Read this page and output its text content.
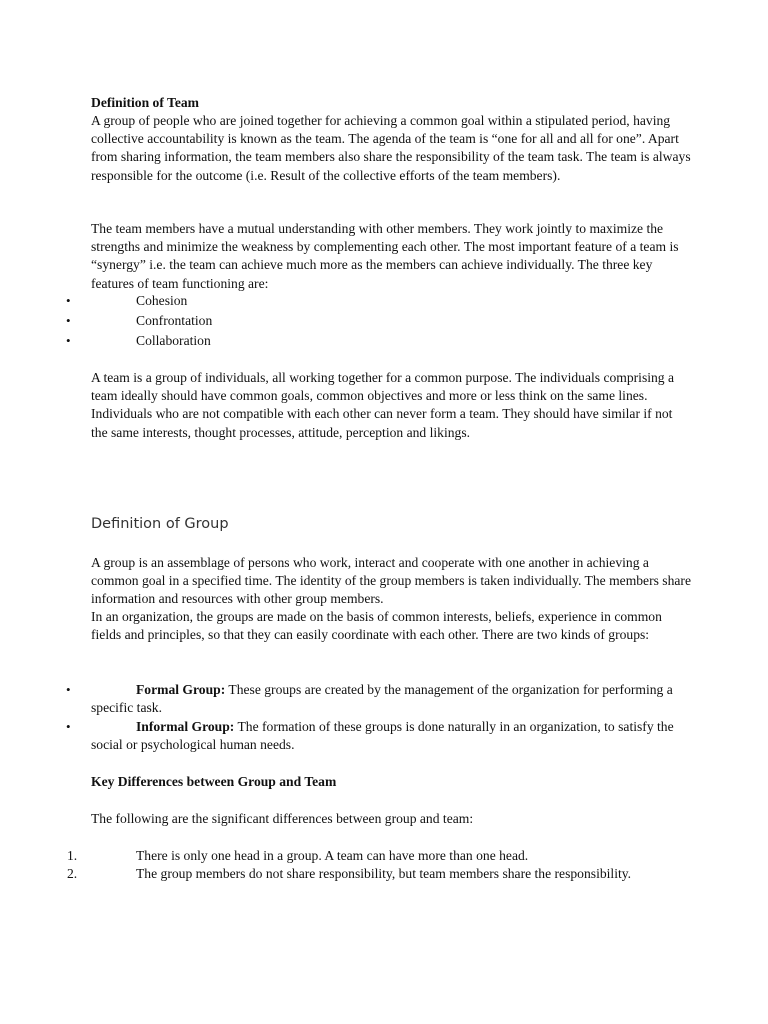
Definition of Team

A group of people who are joined together for achieving a common goal within a stipulated period, having collective accountability is known as the team. The agenda of the team is “one for all and all for one”. Apart from sharing information, the team members also share the responsibility of the team task. The team is always responsible for the outcome (i.e. Result of the collective efforts of the team members).

The team members have a mutual understanding with other members. They work jointly to maximize the strengths and minimize the weakness by complementing each other. The most important feature of a team is “synergy” i.e. the team can achieve much more as the members can achieve individually. The three key features of team functioning are:

•	Cohesion
•	Confrontation
•	Collaboration

A team is a group of individuals, all working together for a common purpose. The individuals comprising a team ideally should have common goals, common objectives and more or less think on the same lines. Individuals who are not compatible with each other can never form a team. They should have similar if not the same interests, thought processes, attitude, perception and likings.

Definition of Group

A group is an assemblage of persons who work, interact and cooperate with one another in achieving a common goal in a specified time. The identity of the group members is taken individually. The members share information and resources with other group members.

In an organization, the groups are made on the basis of common interests, beliefs, experience in common fields and principles, so that they can easily coordinate with each other. There are two kinds of groups:

•	Formal Group: These groups are created by the management of the organization for performing a specific task.

•	Informal Group: The formation of these groups is done naturally in an organization, to satisfy the social or psychological human needs.

Key Differences between Group and Team

The following are the significant differences between group and team:

1.	There is only one head in a group. A team can have more than one head.
2.	The group members do not share responsibility, but team members share the responsibility.
